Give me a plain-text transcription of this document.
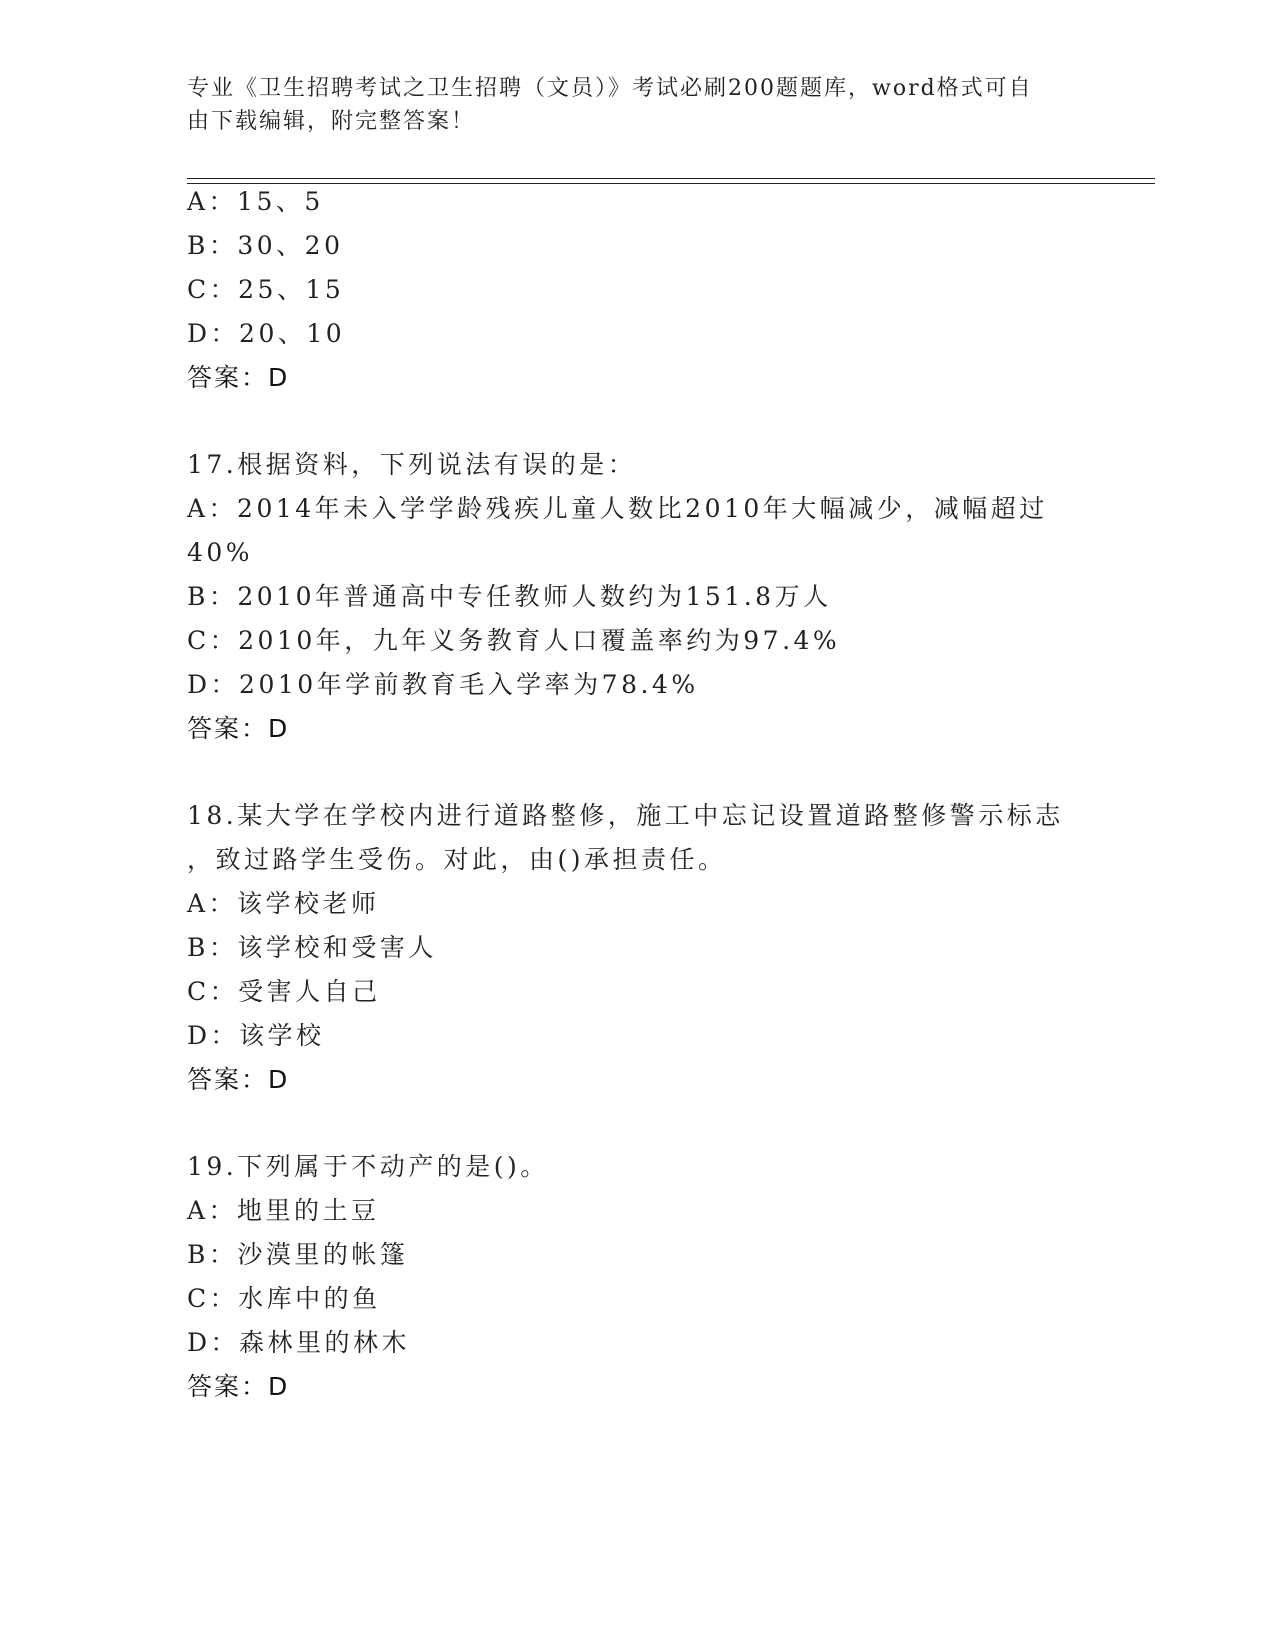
专业《卫生招聘考试之卫生招聘（文员）》考试必刷200题题库，word格式可自
由下载编辑，附完整答案！
A：15、5
B：30、20
C：25、15
D：20、10
答案：D
17.根据资料，下列说法有误的是：
A：2014年未入学学龄残疾儿童人数比2010年大幅减少，减幅超过
40%
B：2010年普通高中专任教师人数约为151.8万人
C：2010年，九年义务教育人口覆盖率约为97.4%
D：2010年学前教育毛入学率为78.4%
答案：D
18.某大学在学校内进行道路整修，施工中忘记设置道路整修警示标志
，致过路学生受伤。对此，由()承担责任。
A：该学校老师
B：该学校和受害人
C：受害人自己
D：该学校
答案：D
19.下列属于不动产的是()。
A：地里的土豆
B：沙漠里的帐篷
C：水库中的鱼
D：森林里的林木
答案：D
